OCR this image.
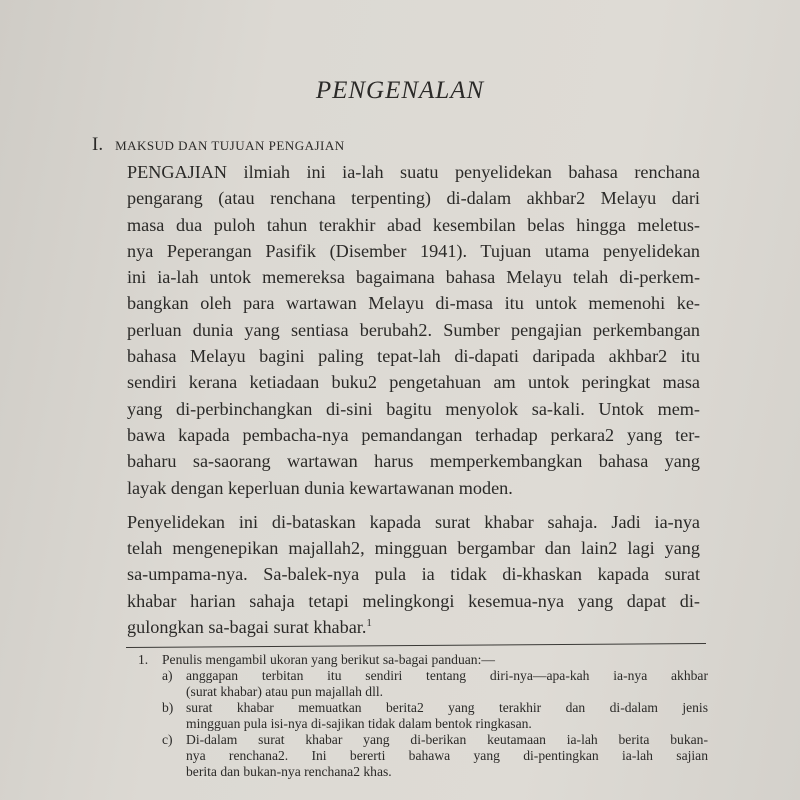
PENGENALAN
I. MAKSUD DAN TUJUAN PENGAJIAN
PENGAJIAN ilmiah ini ia-lah suatu penyelidekan bahasa renchana
pengarang (atau renchana terpenting) di-dalam akhbar2 Melayu dari
masa dua puloh tahun terakhir abad kesembilan belas hingga meletus-
nya Peperangan Pasifik (Disember 1941). Tujuan utama penyelidekan
ini ia-lah untok memereksa bagaimana bahasa Melayu telah di-perkem-
bangkan oleh para wartawan Melayu di-masa itu untok memenohi ke-
perluan dunia yang sentiasa berubah2. Sumber pengajian perkembangan
bahasa Melayu bagini paling tepat-lah di-dapati daripada akhbar2 itu
sendiri kerana ketiadaan buku2 pengetahuan am untok peringkat masa
yang di-perbinchangkan di-sini bagitu menyolok sa-kali. Untok mem-
bawa kapada pembacha-nya pemandangan terhadap perkara2 yang ter-
baharu sa-saorang wartawan harus memperkembangkan bahasa yang
layak dengan keperluan dunia kewartawanan moden.
Penyelidekan ini di-bataskan kapada surat khabar sahaja. Jadi ia-nya
telah mengenepikan majallah2, mingguan bergambar dan lain2 lagi yang
sa-umpama-nya. Sa-balek-nya pula ia tidak di-khaskan kapada surat
khabar harian sahaja tetapi melingkongi kesemua-nya yang dapat di-
gulongkan sa-bagai surat khabar.$^1$
1. Penulis mengambil ukoran yang berikut sa-bagai panduan:—
a) anggapan terbitan itu sendiri tentang diri-nya—apa-kah ia-nya akhbar
(surat khabar) atau pun majallah dll.
b) surat khabar memuatkan berita2 yang terakhir dan di-dalam jenis
mingguan pula isi-nya di-sajikan tidak dalam bentok ringkasan.
c) Di-dalam surat khabar yang di-berikan keutamaan ia-lah berita bukan-
nya renchana2. Ini bererti bahawa yang di-pentingkan ia-lah sajian
berita dan bukan-nya renchana2 khas.
